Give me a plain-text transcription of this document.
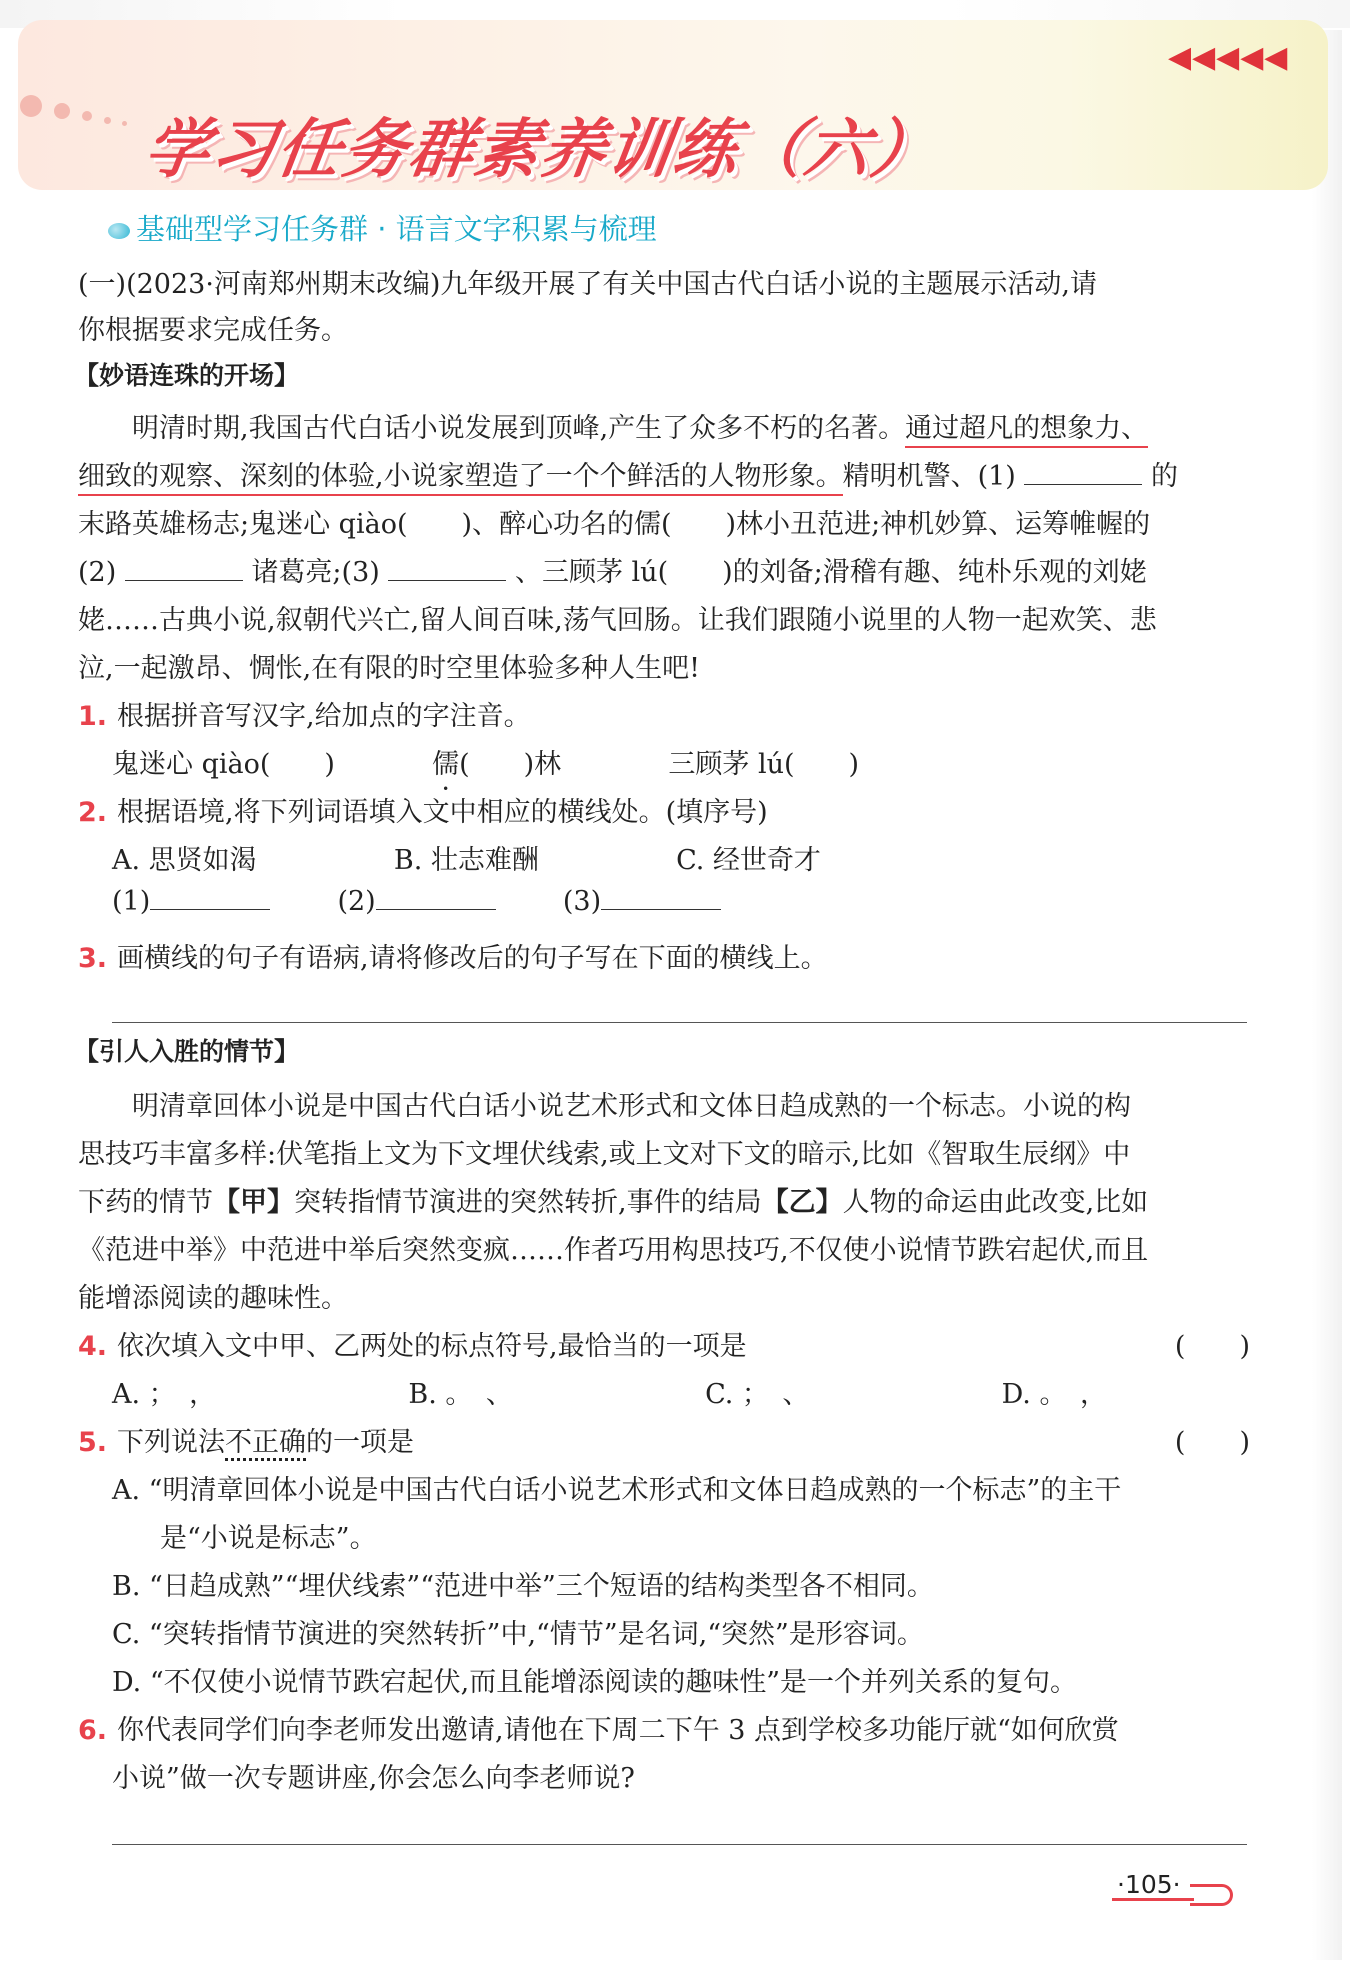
◀◀◀◀◀
学习任务群素养训练（六）
基础型学习任务群 · 语言文字积累与梳理
(一)(2023·河南郑州期末改编)九年级开展了有关中国古代白话小说的主题展示活动,请
你根据要求完成任务。
【妙语连珠的开场】
明清时期,我国古代白话小说发展到顶峰,产生了众多不朽的名著。通过超凡的想象力、
细致的观察、深刻的体验,小说家塑造了一个个鲜活的人物形象。精明机警、(1)	的
末路英雄杨志;鬼迷心 qiào(　　)、醉心功名的儒(　　)林小丑范进;神机妙算、运筹帷幄的
(2)	诸葛亮;(3)	、三顾茅 lú(　　)的刘备;滑稽有趣、纯朴乐观的刘姥
姥……古典小说,叙朝代兴亡,留人间百味,荡气回肠。让我们跟随小说里的人物一起欢笑、悲
泣,一起激昂、惆怅,在有限的时空里体验多种人生吧!
1. 根据拼音写汉字,给加点的字注音。
鬼迷心 qiào(　　)	儒(　　)林	三顾茅 lú(　　)
2. 根据语境,将下列词语填入文中相应的横线处。(填序号)
A. 思贤如渴	B. 壮志难酬	C. 经世奇才
(1)	(2)	(3)
3. 画横线的句子有语病,请将修改后的句子写在下面的横线上。
【引人入胜的情节】
明清章回体小说是中国古代白话小说艺术形式和文体日趋成熟的一个标志。小说的构
思技巧丰富多样:伏笔指上文为下文埋伏线索,或上文对下文的暗示,比如《智取生辰纲》中
下药的情节【甲】突转指情节演进的突然转折,事件的结局【乙】人物的命运由此改变,比如
《范进中举》中范进中举后突然变疯……作者巧用构思技巧,不仅使小说情节跌宕起伏,而且
能增添阅读的趣味性。
4. 依次填入文中甲、乙两处的标点符号,最恰当的一项是	(　　)
A. ；　，	B. 。　、	C. ；　、	D. 。　，
5. 下列说法不正确的一项是	(　　)
A. “明清章回体小说是中国古代白话小说艺术形式和文体日趋成熟的一个标志”的主干
是“小说是标志”。
B. “日趋成熟”“埋伏线索”“范进中举”三个短语的结构类型各不相同。
C. “突转指情节演进的突然转折”中,“情节”是名词,“突然”是形容词。
D. “不仅使小说情节跌宕起伏,而且能增添阅读的趣味性”是一个并列关系的复句。
6. 你代表同学们向李老师发出邀请,请他在下周二下午 3 点到学校多功能厅就“如何欣赏
小说”做一次专题讲座,你会怎么向李老师说?
·105·
